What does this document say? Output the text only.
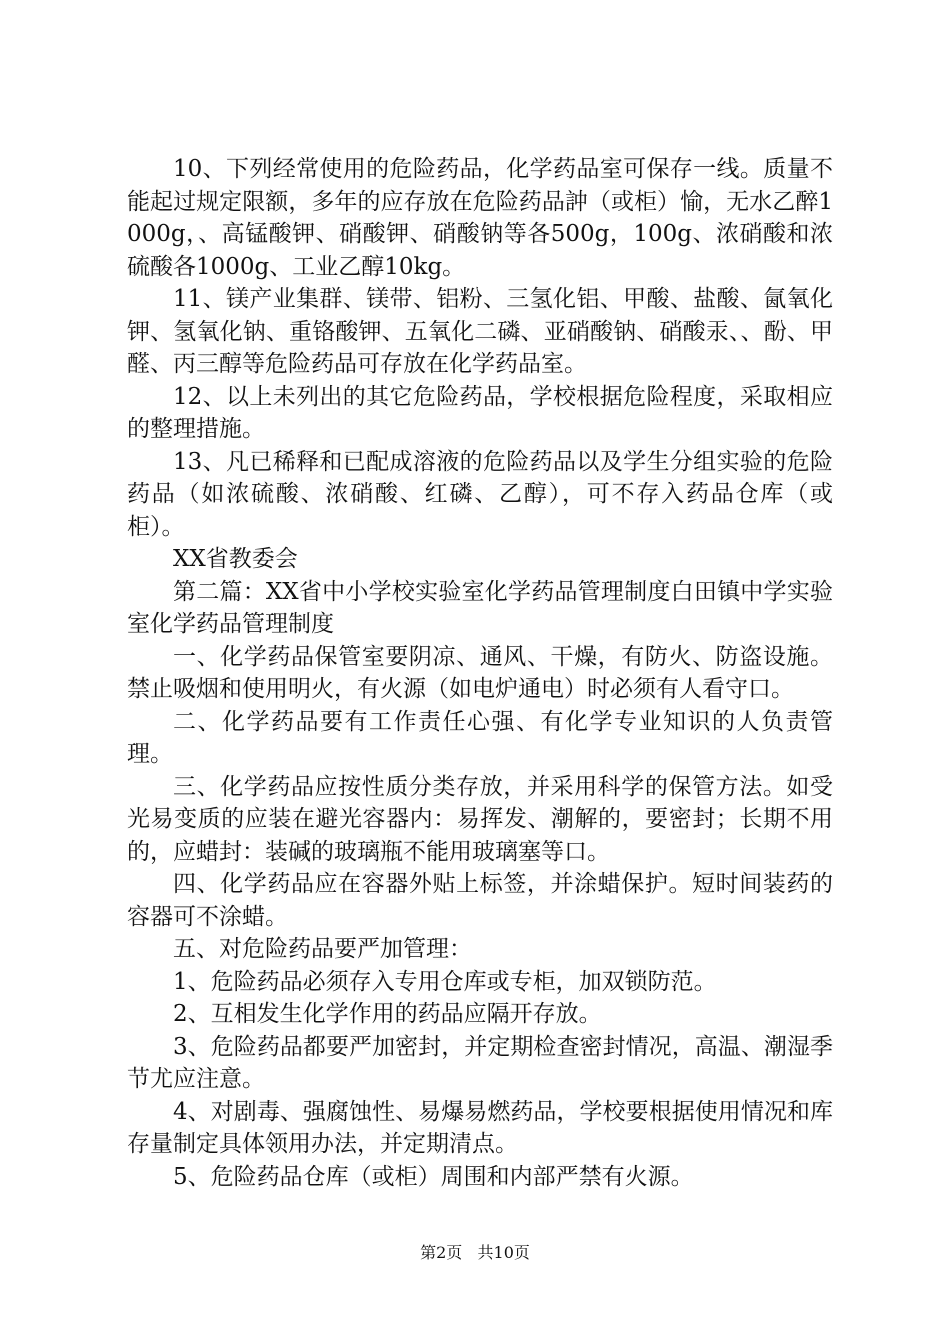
10、下列经常使用的危险药品，化学药品室可保存一线。质量不能起过规定限额，多年的应存放在危险药品訲（或柜）愉，无水乙醉1000g，、高锰酸钾、硝酸钾、硝酸钠等各500g，100g、浓硝酸和浓硫酸各1000g、工业乙醇10kg。

11、镁产业集群、镁带、铝粉、三氢化铝、甲酸、盐酸、氤氧化钾、氢氧化钠、重铬酸钾、五氧化二磷、亚硝酸钠、硝酸汞、、酚、甲醛、丙三醇等危险药品可存放在化学药品室。

12、以上未列出的其它危险药品，学校根据危险程度，采取相应的整理措施。

13、凡已稀释和已配成溶液的危险药品以及学生分组实验的危险药品（如浓硫酸、浓硝酸、红磷、乙醇），可不存入药品仓库（或柜）。

XX省教委会

第二篇：XX省中小学校实验室化学药品管理制度白田镇中学实验室化学药品管理制度

一、化学药品保管室要阴凉、通风、干燥，有防火、防盗设施。禁止吸烟和使用明火，有火源（如电炉通电）时必须有人看守口。

二、化学药品要有工作责任心强、有化学专业知识的人负责管理。

三、化学药品应按性质分类存放，并采用科学的保管方法。如受光易变质的应装在避光容器内：易挥发、潮解的，要密封；长期不用的，应蜡封：装碱的玻璃瓶不能用玻璃塞等口。

四、化学药品应在容器外贴上标签，并涂蜡保护。短时间装药的容器可不涂蜡。

五、对危险药品要严加管理：

1、危险药品必须存入专用仓库或专柜，加双锁防范。

2、互相发生化学作用的药品应隔开存放。

3、危险药品都要严加密封，并定期检查密封情况，高温、潮湿季节尤应注意。

4、对剧毒、强腐蚀性、易爆易燃药品，学校要根据使用情况和库存量制定具体领用办法，并定期清点。

5、危险药品仓库（或柜）周围和内部严禁有火源。

第2页 共10页
